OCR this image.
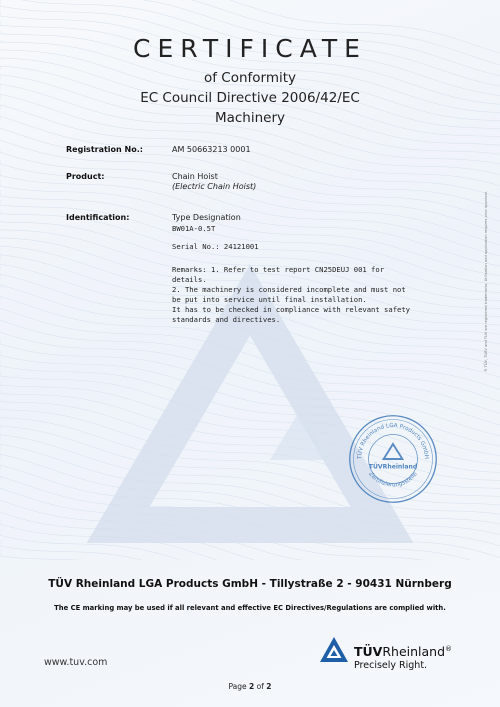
CERTIFICATE
of Conformity
EC Council Directive 2006/42/EC
Machinery
Registration No.:	AM 50663213 0001
Product:	Chain Hoist
(Electric Chain Hoist)
Identification:	Type Designation
BW01A-0.5T
Serial No.: 24121001
Remarks: 1. Refer to test report CN25DEUJ 001 for
details.
2. The machinery is considered incomplete and must not
be put into service until final installation.
It has to be checked in compliance with relevant safety
standards and directives.
TÜV Rheinland LGA Products GmbH
Zertifizierungsstelle
TÜVRheinland
® TÜV, TUEV and TUV are registered trademarks. Utilisation and application requires prior approval.
TÜV Rheinland LGA Products GmbH - Tillystraße 2 - 90431 Nürnberg
The CE marking may be used if all relevant and effective EC Directives/Regulations are complied with.
www.tuv.com
TÜVRheinland®
Precisely Right.
Page 2 of 2
